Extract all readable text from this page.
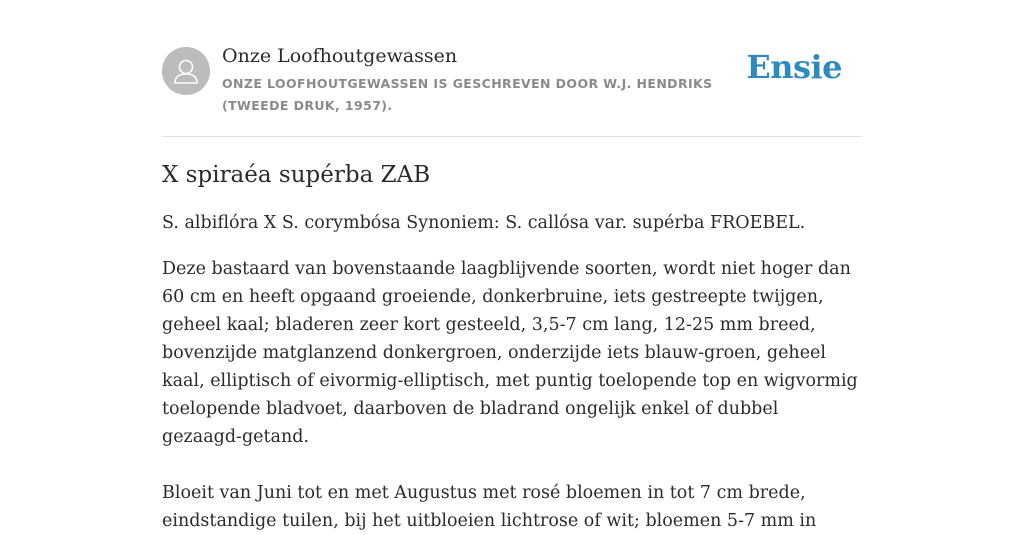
Onze Loofhoutgewassen
ONZE LOOFHOUTGEWASSEN IS GESCHREVEN DOOR W.J. HENDRIKS (TWEEDE DRUK, 1957).
Ensie
X spiraéa supérba ZAB

S. albiflóra X S. corymbósa Synoniem: S. callósa var. supérba FROEBEL.

Deze bastaard van bovenstaande laagblijvende soorten, wordt niet hoger dan 60 cm en heeft opgaand groeiende, donkerbruine, iets gestreepte twijgen, geheel kaal; bladeren zeer kort gesteeld, 3,5-7 cm lang, 12-25 mm breed, bovenzijde matglanzend donkergroen, onderzijde iets blauw-groen, geheel kaal, elliptisch of eivormig-elliptisch, met puntig toelopende top en wigvormig toelopende bladvoet, daarboven de bladrand ongelijk enkel of dubbel gezaagd-getand.

Bloeit van Juni tot en met Augustus met rosé bloemen in tot 7 cm brede, eindstandige tuilen, bij het uitbloeien lichtrose of wit; bloemen 5-7 mm in
